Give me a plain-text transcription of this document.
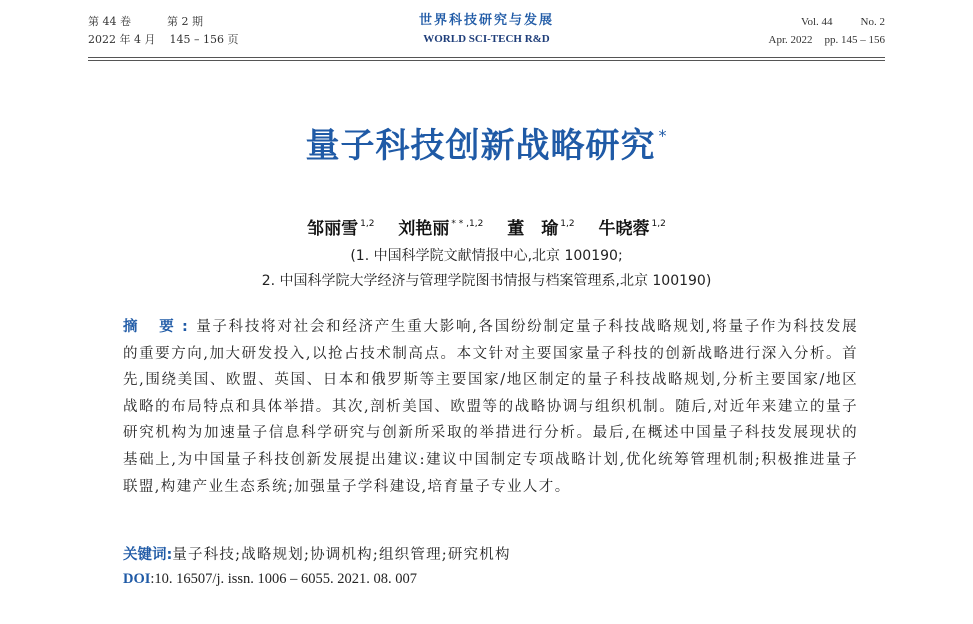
第 44 卷	第 2 期
2022 年 4 月 145 – 156 页
世界科技研究与发展
WORLD SCI-TECH R&D
Vol. 44	No. 2
Apr. 2022 pp. 145 – 156
量子科技创新战略研究 *
邹丽雪 $^{1,2}$ 刘艳丽 $^{* * ,1,2}$ 董　瑜 $^{1,2}$ 牛晓蓉 $^{1,2}$
(1. 中国科学院文献情报中心,北京 100190;
2. 中国科学院大学经济与管理学院图书情报与档案管理系,北京 100190)
摘 要:量子科技将对社会和经济产生重大影响,各国纷纷制定量子科技战略规划,将量子作为科技发展的重要方向,加大研发投入,以抢占技术制高点。本文针对主要国家量子科技的创新战略进行深入分析。首先,围绕美国、欧盟、英国、日本和俄罗斯等主要国家/地区制定的量子科技战略规划,分析主要国家/地区战略的布局特点和具体举措。其次,剖析美国、欧盟等的战略协调与组织机制。随后,对近年来建立的量子研究机构为加速量子信息科学研究与创新所采取的举措进行分析。最后,在概述中国量子科技发展现状的基础上,为中国量子科技创新发展提出建议:建议中国制定专项战略计划,优化统筹管理机制;积极推进量子联盟,构建产业生态系统;加强量子学科建设,培育量子专业人才。
关键词:量子科技;战略规划;协调机构;组织管理;研究机构
DOI:10. 16507/j. issn. 1006 – 6055. 2021. 08. 007
